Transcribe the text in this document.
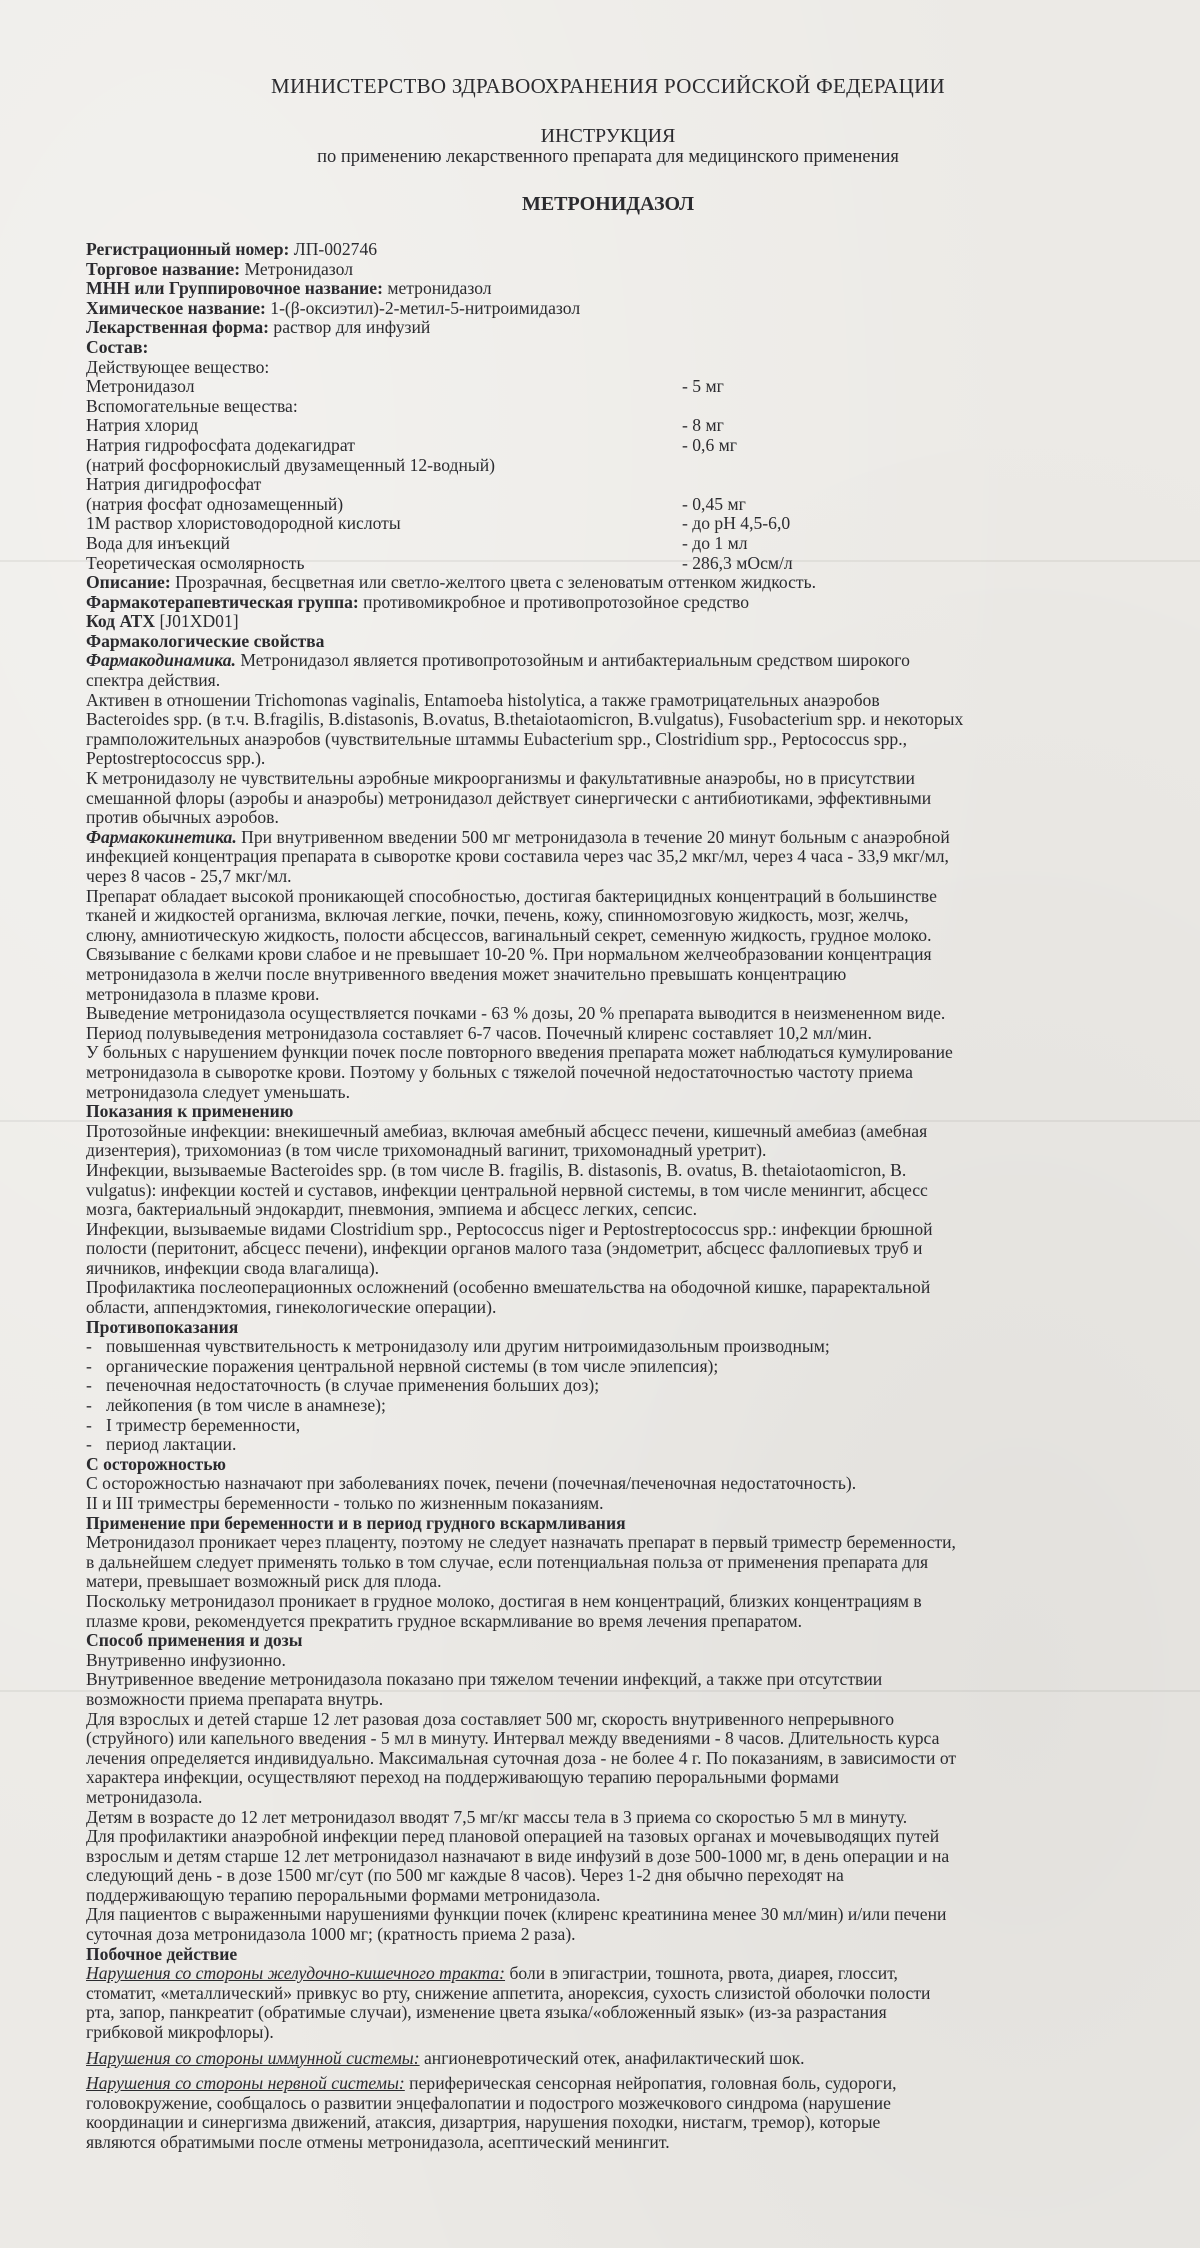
МИНИСТЕРСТВО ЗДРАВООХРАНЕНИЯ РОССИЙСКОЙ ФЕДЕРАЦИИ

ИНСТРУКЦИЯ

по применению лекарственного препарата для медицинского применения

МЕТРОНИДАЗОЛ

Регистрационный номер: ЛП-002746

Торговое название: Метронидазол

МНН или Группировочное название: метронидазол

Химическое название: 1-(β-оксиэтил)-2-метил-5-нитроимидазол

Лекарственная форма: раствор для инфузий

Состав:

Действующее вещество:

Метронидазол	- 5 мг

Вспомогательные вещества:

Натрия хлорид	- 8 мг
Натрия гидрофосфата додекагидрат	- 0,6 мг
(натрий фосфорнокислый двузамещенный 12-водный)
Натрия дигидрофосфат
(натрия фосфат однозамещенный)	- 0,45 мг
1М раствор хлористоводородной кислоты	- до рН 4,5-6,0
Вода для инъекций	- до 1 мл
Теоретическая осмолярность	- 286,3 мОсм/л

Описание: Прозрачная, бесцветная или светло-желтого цвета с зеленоватым оттенком жидкость.

Фармакотерапевтическая группа: противомикробное и противопротозойное средство

Код АТХ [J01XD01]

Фармакологические свойства

Фармакодинамика. Метронидазол является противопротозойным и антибактериальным средством широкого

спектра действия.

Активен в отношении Trichomonas vaginalis, Entamoeba histolytica, а также грамотрицательных анаэробов

Bacteroides spp. (в т.ч. B.fragilis, B.distasonis, B.ovatus, B.thetaiotaomicron, B.vulgatus), Fusobacterium spp. и некоторых

грамположительных анаэробов (чувствительные штаммы Eubacterium spp., Clostridium spp., Peptococcus spp.,

Peptostreptococcus spp.).

К метронидазолу не чувствительны аэробные микроорганизмы и факультативные анаэробы, но в присутствии

смешанной флоры (аэробы и анаэробы) метронидазол действует синергически с антибиотиками, эффективными

против обычных аэробов.

Фармакокинетика. При внутривенном введении 500 мг метронидазола в течение 20 минут больным с анаэробной

инфекцией концентрация препарата в сыворотке крови составила через час 35,2 мкг/мл, через 4 часа - 33,9 мкг/мл,

через 8 часов - 25,7 мкг/мл.

Препарат обладает высокой проникающей способностью, достигая бактерицидных концентраций в большинстве

тканей и жидкостей организма, включая легкие, почки, печень, кожу, спинномозговую жидкость, мозг, желчь,

слюну, амниотическую жидкость, полости абсцессов, вагинальный секрет, семенную жидкость, грудное молоко.

Связывание с белками крови слабое и не превышает 10-20 %. При нормальном желчеобразовании концентрация

метронидазола в желчи после внутривенного введения может значительно превышать концентрацию

метронидазола в плазме крови.

Выведение метронидазола осуществляется почками - 63 % дозы, 20 % препарата выводится в неизмененном виде.

Период полувыведения метронидазола составляет 6-7 часов. Почечный клиренс составляет 10,2 мл/мин.

У больных с нарушением функции почек после повторного введения препарата может наблюдаться кумулирование

метронидазола в сыворотке крови. Поэтому у больных с тяжелой почечной недостаточностью частоту приема

метронидазола следует уменьшать.

Показания к применению

Протозойные инфекции: внекишечный амебиаз, включая амебный абсцесс печени, кишечный амебиаз (амебная

дизентерия), трихомониаз (в том числе трихомонадный вагинит, трихомонадный уретрит).

Инфекции, вызываемые Bacteroides spp. (в том числе B. fragilis, B. distasonis, B. ovatus, B. thetaiotaomicron, B.

vulgatus): инфекции костей и суставов, инфекции центральной нервной системы, в том числе менингит, абсцесс

мозга, бактериальный эндокардит, пневмония, эмпиема и абсцесс легких, сепсис.

Инфекции, вызываемые видами Clostridium spp., Peptococcus niger и Peptostreptococcus spp.: инфекции брюшной

полости (перитонит, абсцесс печени), инфекции органов малого таза (эндометрит, абсцесс фаллопиевых труб и

яичников, инфекции свода влагалища).

Профилактика послеоперационных осложнений (особенно вмешательства на ободочной кишке, параректальной

области, аппендэктомия, гинекологические операции).

Противопоказания

- повышенная чувствительность к метронидазолу или другим нитроимидазольным производным;
- органические поражения центральной нервной системы (в том числе эпилепсия);
- печеночная недостаточность (в случае применения больших доз);
- лейкопения (в том числе в анамнезе);
- I триместр беременности,
- период лактации.

С осторожностью

С осторожностью назначают при заболеваниях почек, печени (почечная/печеночная недостаточность).

II и III триместры беременности - только по жизненным показаниям.

Применение при беременности и в период грудного вскармливания

Метронидазол проникает через плаценту, поэтому не следует назначать препарат в первый триместр беременности,

в дальнейшем следует применять только в том случае, если потенциальная польза от применения препарата для

матери, превышает возможный риск для плода.

Поскольку метронидазол проникает в грудное молоко, достигая в нем концентраций, близких концентрациям в

плазме крови, рекомендуется прекратить грудное вскармливание во время лечения препаратом.

Способ применения и дозы

Внутривенно инфузионно.

Внутривенное введение метронидазола показано при тяжелом течении инфекций, а также при отсутствии

возможности приема препарата внутрь.

Для взрослых и детей старше 12 лет разовая доза составляет 500 мг, скорость внутривенного непрерывного

(струйного) или капельного введения - 5 мл в минуту. Интервал между введениями - 8 часов. Длительность курса

лечения определяется индивидуально. Максимальная суточная доза - не более 4 г. По показаниям, в зависимости от

характера инфекции, осуществляют переход на поддерживающую терапию пероральными формами

метронидазола.

Детям в возрасте до 12 лет метронидазол вводят 7,5 мг/кг массы тела в 3 приема со скоростью 5 мл в минуту.

Для профилактики анаэробной инфекции перед плановой операцией на тазовых органах и мочевыводящих путей

взрослым и детям старше 12 лет метронидазол назначают в виде инфузий в дозе 500-1000 мг, в день операции и на

следующий день - в дозе 1500 мг/сут (по 500 мг каждые 8 часов). Через 1-2 дня обычно переходят на

поддерживающую терапию пероральными формами метронидазола.

Для пациентов с выраженными нарушениями функции почек (клиренс креатинина менее 30 мл/мин) и/или печени

суточная доза метронидазола 1000 мг; (кратность приема 2 раза).

Побочное действие

Нарушения со стороны желудочно-кишечного тракта: боли в эпигастрии, тошнота, рвота, диарея, глоссит,

стоматит, «металлический» привкус во рту, снижение аппетита, анорексия, сухость слизистой оболочки полости

рта, запор, панкреатит (обратимые случаи), изменение цвета языка/«обложенный язык» (из-за разрастания

грибковой микрофлоры).

Нарушения со стороны иммунной системы: ангионевротический отек, анафилактический шок.

Нарушения со стороны нервной системы: периферическая сенсорная нейропатия, головная боль, судороги,

головокружение, сообщалось о развитии энцефалопатии и подострого мозжечкового синдрома (нарушение

координации и синергизма движений, атаксия, дизартрия, нарушения походки, нистагм, тремор), которые

являются обратимыми после отмены метронидазола, асептический менингит.
